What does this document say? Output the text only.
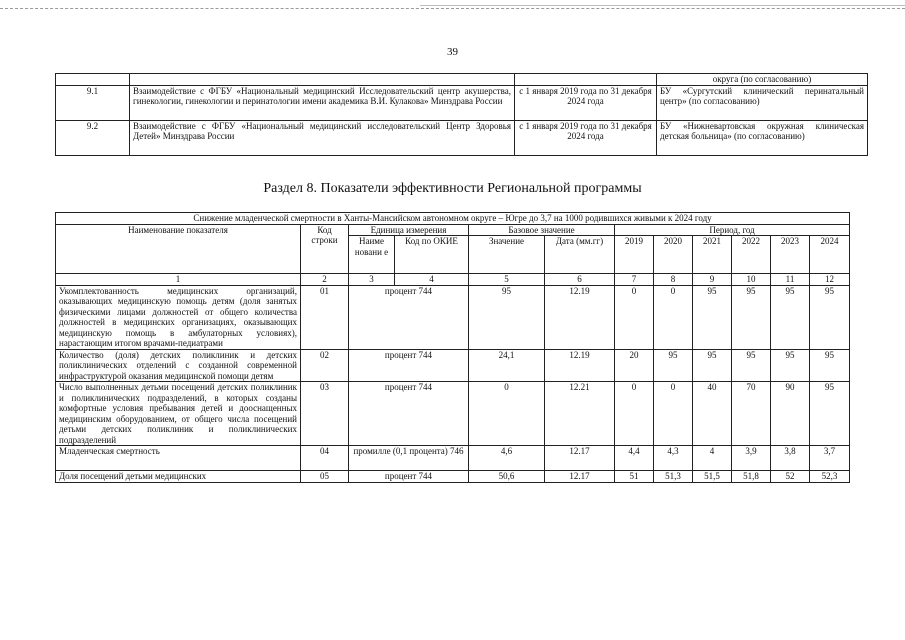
39
			округа (по согласованию)
9.1	Взаимодействие с ФГБУ «Национальный медицинский Исследовательский центр акушерства, гинекологии, гинекологии и перинатологии имени академика В.И. Кулакова» Минздрава России	с 1 января 2019 года по 31 декабря 2024 года	БУ «Сургутский клинический перинатальный центр» (по согласованию)
9.2	Взаимодействие с ФГБУ «Национальный медицинский исследовательский Центр Здоровья Детей» Минздрава России	с 1 января 2019 года по 31 декабря 2024 года	БУ «Нижневартовская окружная клиническая детская больница» (по согласованию)
Раздел 8. Показатели эффективности Региональной программы
Снижение младенческой смертности в Ханты-Мансийском автономном округе – Югре до 3,7 на 1000 родившихся живыми к 2024 году											
Наименование показателя	Код строки	Единица измерения		Базовое значение		Период, год					
		Наиме новани е	Код по ОКИЕ	Значение	Дата (мм.гг)	2019	2020	2021	2022	2023	2024
1	2	3	4	5	6	7	8	9	10	11	12
Укомплектованность медицинских организаций, оказывающих медицинскую помощь детям (доля занятых физическими лицами должностей от общего количества должностей в медицинских организациях, оказывающих медицинскую помощь в амбулаторных условиях), нарастающим итогом врачами-педиатрами	01	процент 744		95	12.19	0	0	95	95	95	95
Количество (доля) детских поликлиник и детских поликлинических отделений с созданной современной инфраструктурой оказания медицинской помощи детям	02	процент 744		24,1	12.19	20	95	95	95	95	95
Число выполненных детьми посещений детских поликлиник и поликлинических подразделений, в которых созданы комфортные условия пребывания детей и дооснащенных медицинским оборудованием, от общего числа посещений детьми детских поликлиник и поликлинических подразделений	03	процент 744		0	12.21	0	0	40	70	90	95
Младенческая смертность	04	промилле (0,1 процента) 746		4,6	12.17	4,4	4,3	4	3,9	3,8	3,7
Доля посещений детьми медицинских	05	процент 744		50,6	12.17	51	51,3	51,5	51,8	52	52,3
